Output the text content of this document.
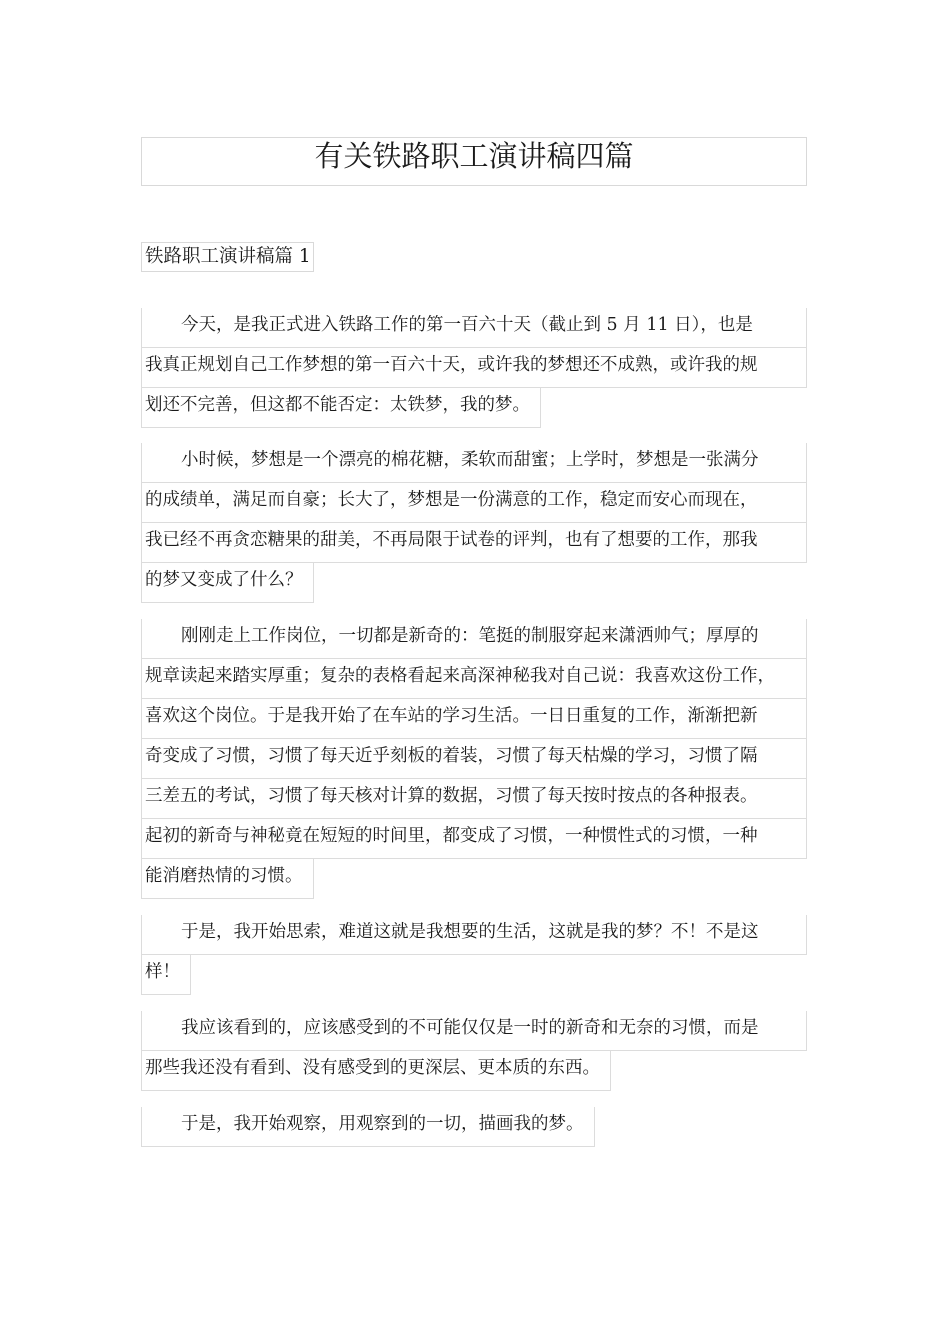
有关铁路职工演讲稿四篇
铁路职工演讲稿篇 1
今天，是我正式进入铁路工作的第一百六十天（截止到 5 月 11 日），也是
我真正规划自己工作梦想的第一百六十天，或许我的梦想还不成熟，或许我的规
划还不完善，但这都不能否定：太铁梦，我的梦。
小时候，梦想是一个漂亮的棉花糖，柔软而甜蜜；上学时，梦想是一张满分
的成绩单，满足而自豪；长大了，梦想是一份满意的工作，稳定而安心而现在，
我已经不再贪恋糖果的甜美，不再局限于试卷的评判，也有了想要的工作，那我
的梦又变成了什么？
刚刚走上工作岗位，一切都是新奇的：笔挺的制服穿起来潇洒帅气；厚厚的
规章读起来踏实厚重；复杂的表格看起来高深神秘我对自己说：我喜欢这份工作，
喜欢这个岗位。于是我开始了在车站的学习生活。一日日重复的工作，渐渐把新
奇变成了习惯，习惯了每天近乎刻板的着装，习惯了每天枯燥的学习，习惯了隔
三差五的考试，习惯了每天核对计算的数据，习惯了每天按时按点的各种报表。
起初的新奇与神秘竟在短短的时间里，都变成了习惯，一种惯性式的习惯，一种
能消磨热情的习惯。
于是，我开始思索，难道这就是我想要的生活，这就是我的梦？不！不是这
样！
我应该看到的，应该感受到的不可能仅仅是一时的新奇和无奈的习惯，而是
那些我还没有看到、没有感受到的更深层、更本质的东西。
于是，我开始观察，用观察到的一切，描画我的梦。
